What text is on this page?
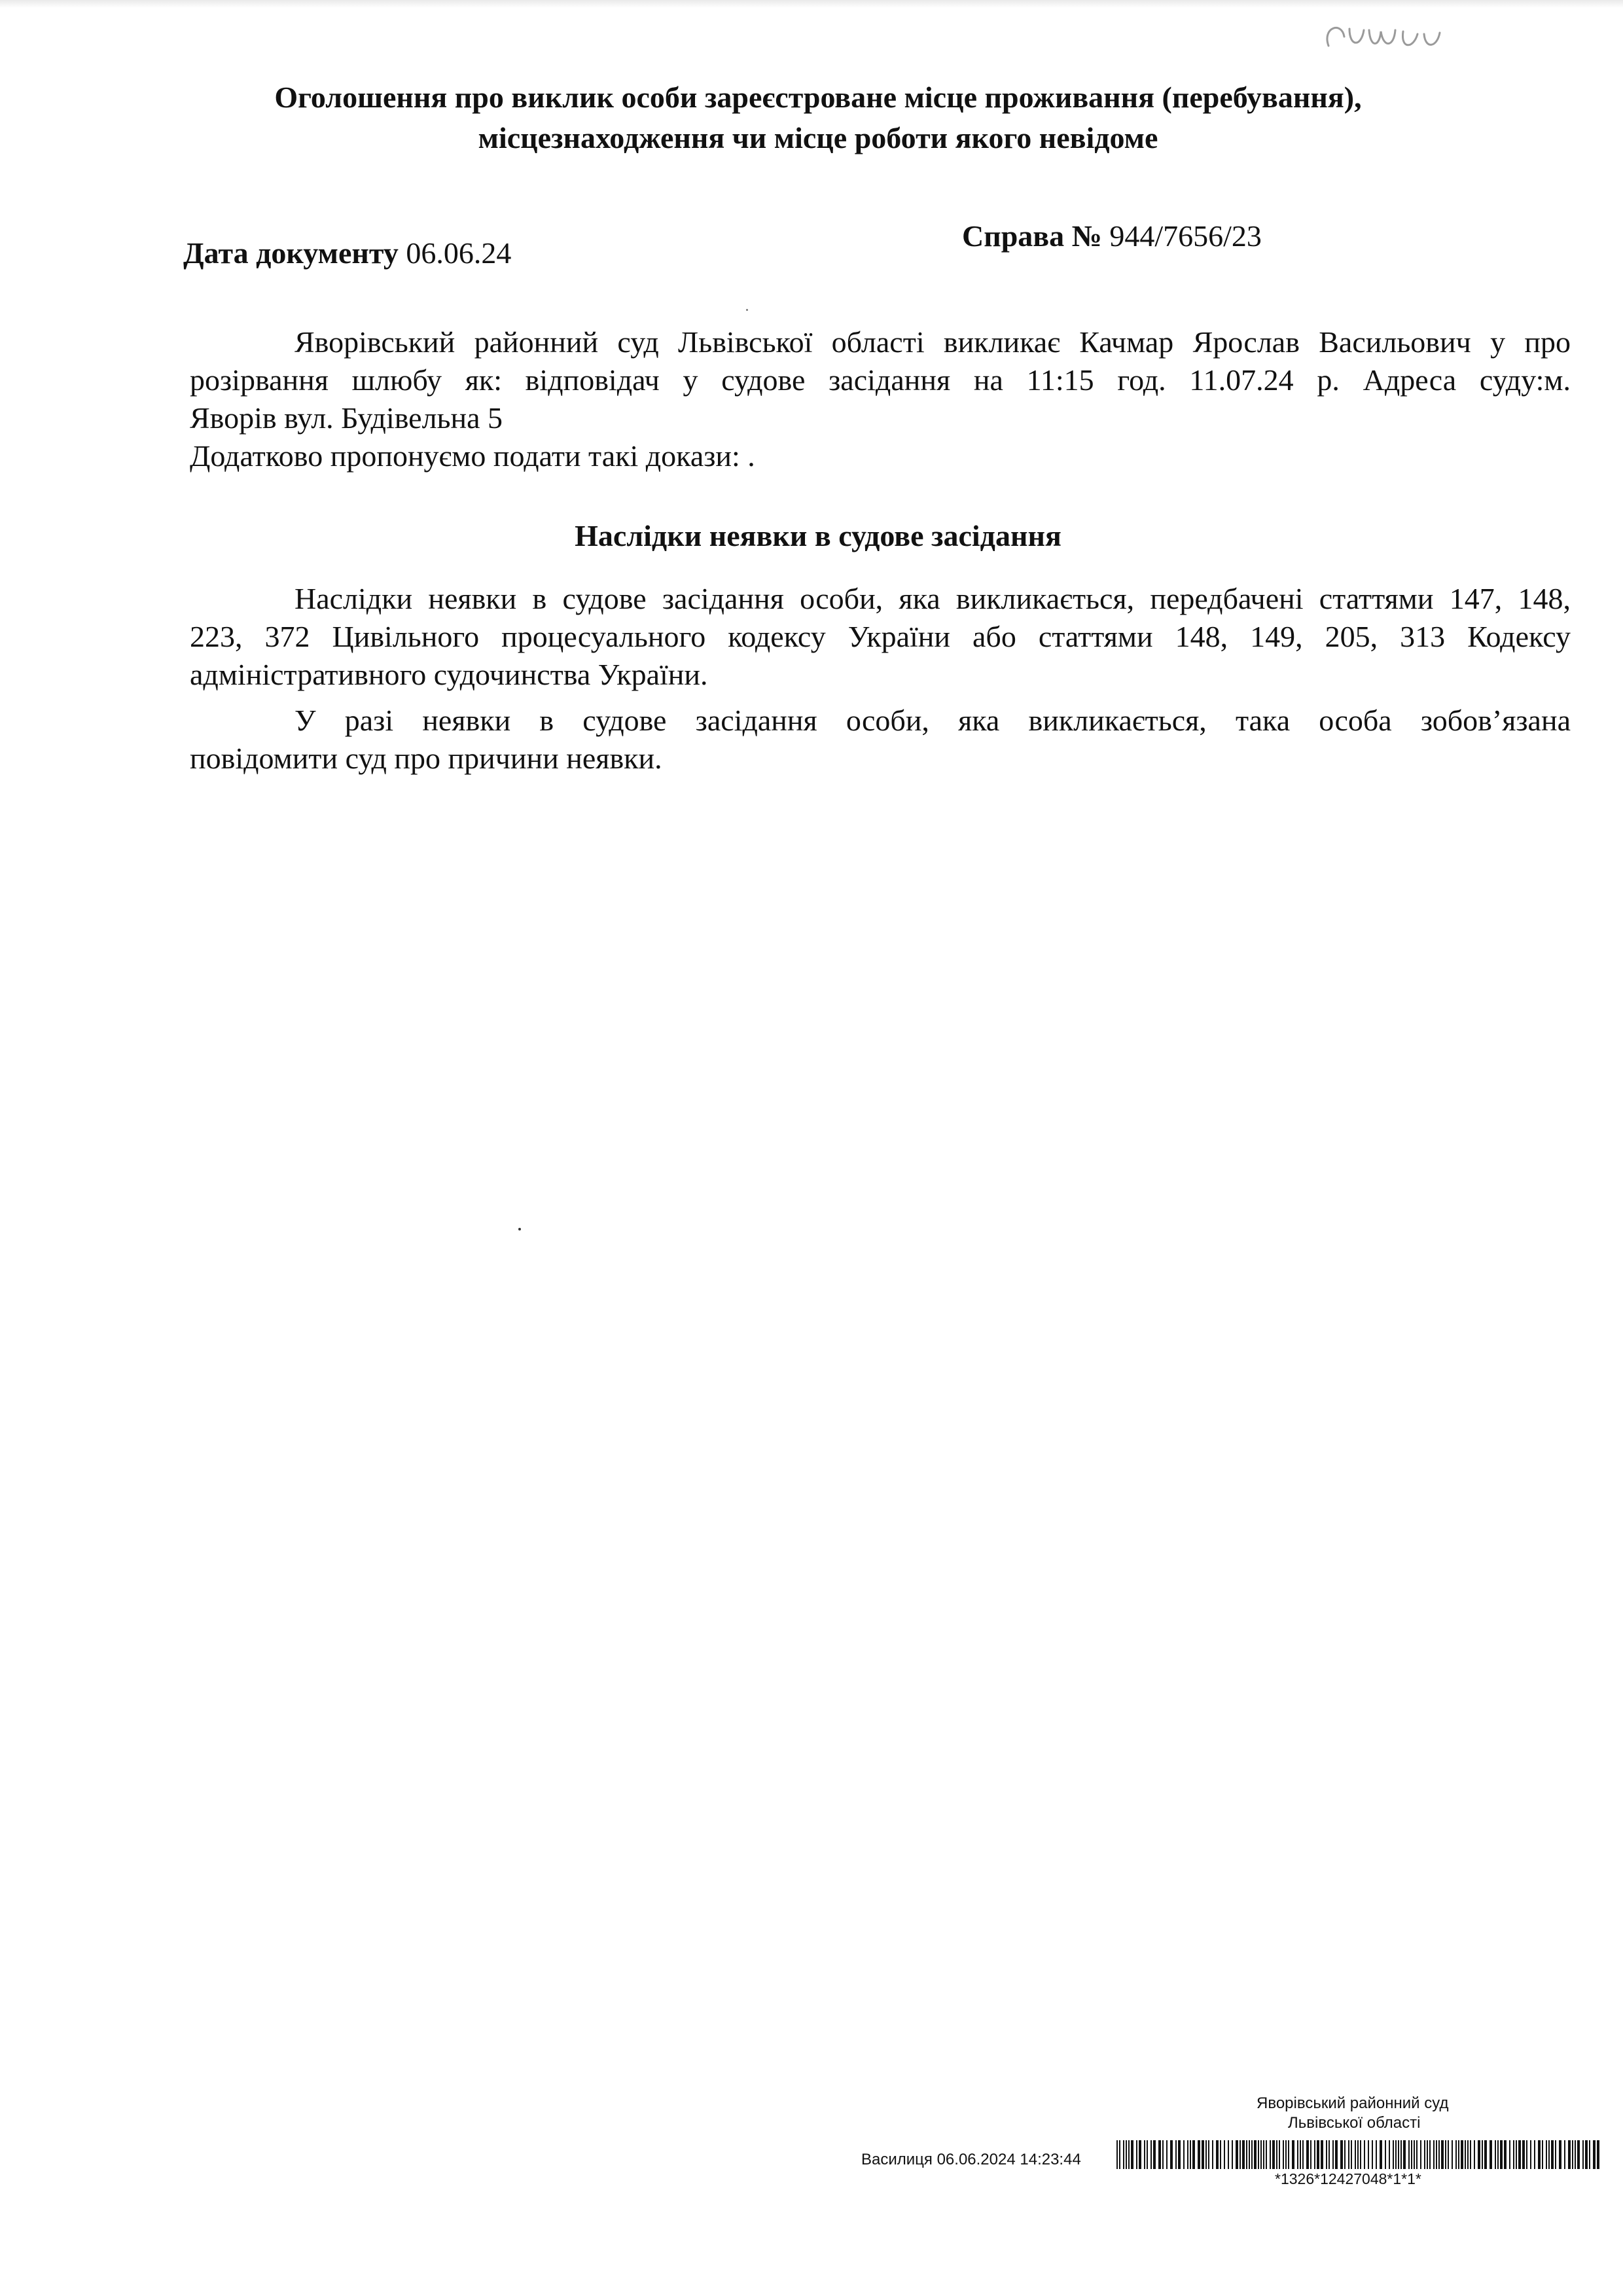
Оголошення про виклик особи зареєстроване місце проживання (перебування),
місцезнаходження чи місце роботи якого невідоме
Дата документу 06.06.24
Справа № 944/7656/23
Яворівський районний суд Львівської області викликає Качмар Ярослав Васильович у про
розірвання шлюбу як: відповідач у судове засідання на 11:15 год. 11.07.24 р. Адреса суду:м.
Яворів вул. Будівельна 5
Додатково пропонуємо подати такі докази: .
Наслідки неявки в судове засідання
Наслідки неявки в судове засідання особи, яка викликається, передбачені статтями 147, 148,
223, 372 Цивільного процесуального кодексу України або статтями 148, 149, 205, 313 Кодексу
адміністративного судочинства України.
У разі неявки в судове засідання особи, яка викликається, така особа зобов’язана
повідомити суд про причини неявки.
Яворівський районний суд
Львівської області
Василиця 06.06.2024 14:23:44
*1326*12427048*1*1*
